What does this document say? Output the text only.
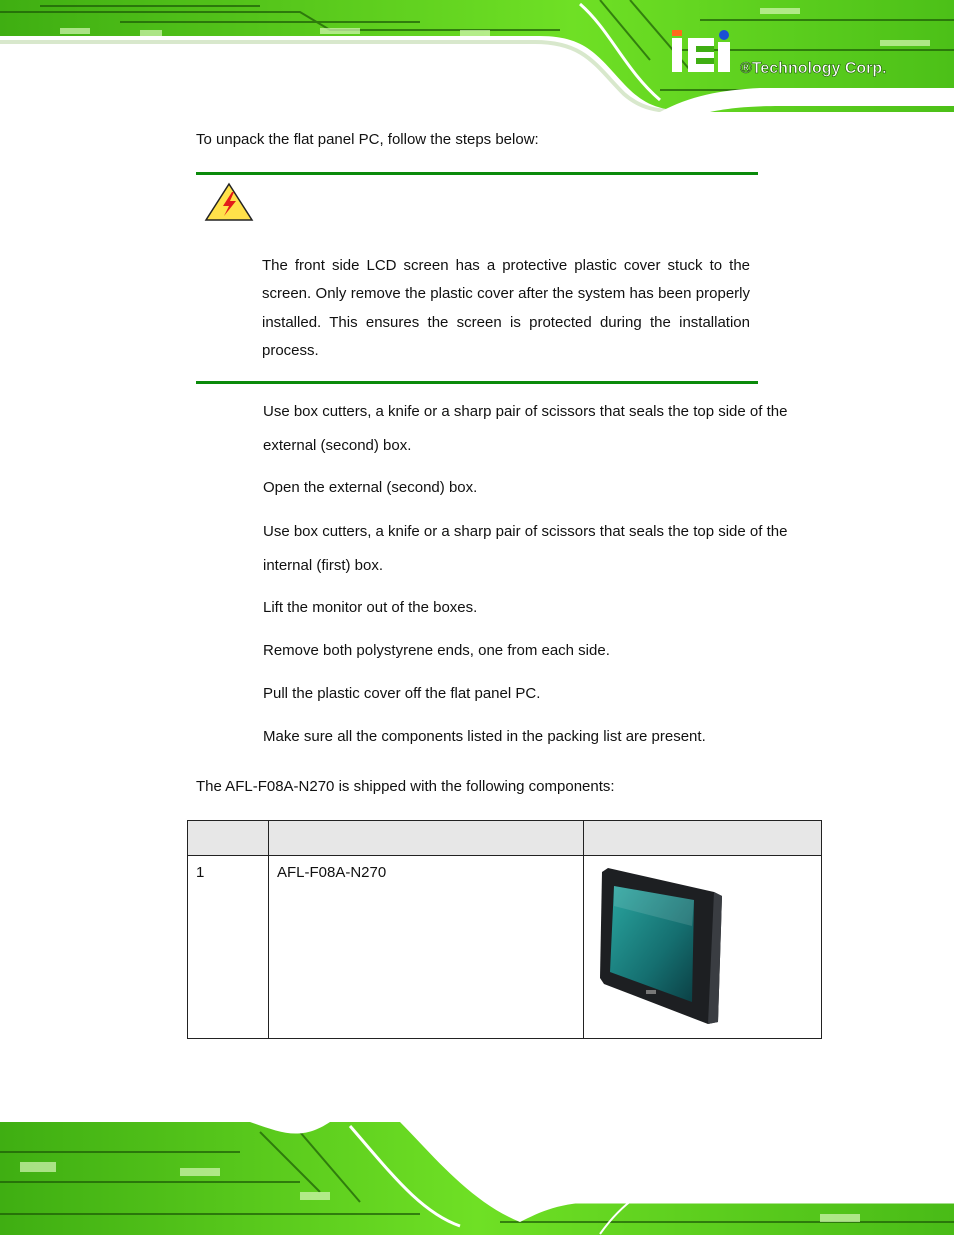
®Technology Corp.
To unpack the flat panel PC, follow the steps below:
The front side LCD screen has a protective plastic cover stuck to the screen. Only remove the plastic cover after the system has been properly installed. This ensures the screen is protected during the installation process.
Use box cutters, a knife or a sharp pair of scissors that seals the top side of the external (second) box.
Open the external (second) box.
Use box cutters, a knife or a sharp pair of scissors that seals the top side of the internal (first) box.
Lift the monitor out of the boxes.
Remove both polystyrene ends, one from each side.
Pull the plastic cover off the flat panel PC.
Make sure all the components listed in the packing list are present.
The AFL-F08A-N270 is shipped with the following components:

1	AFL-F08A-N270	
